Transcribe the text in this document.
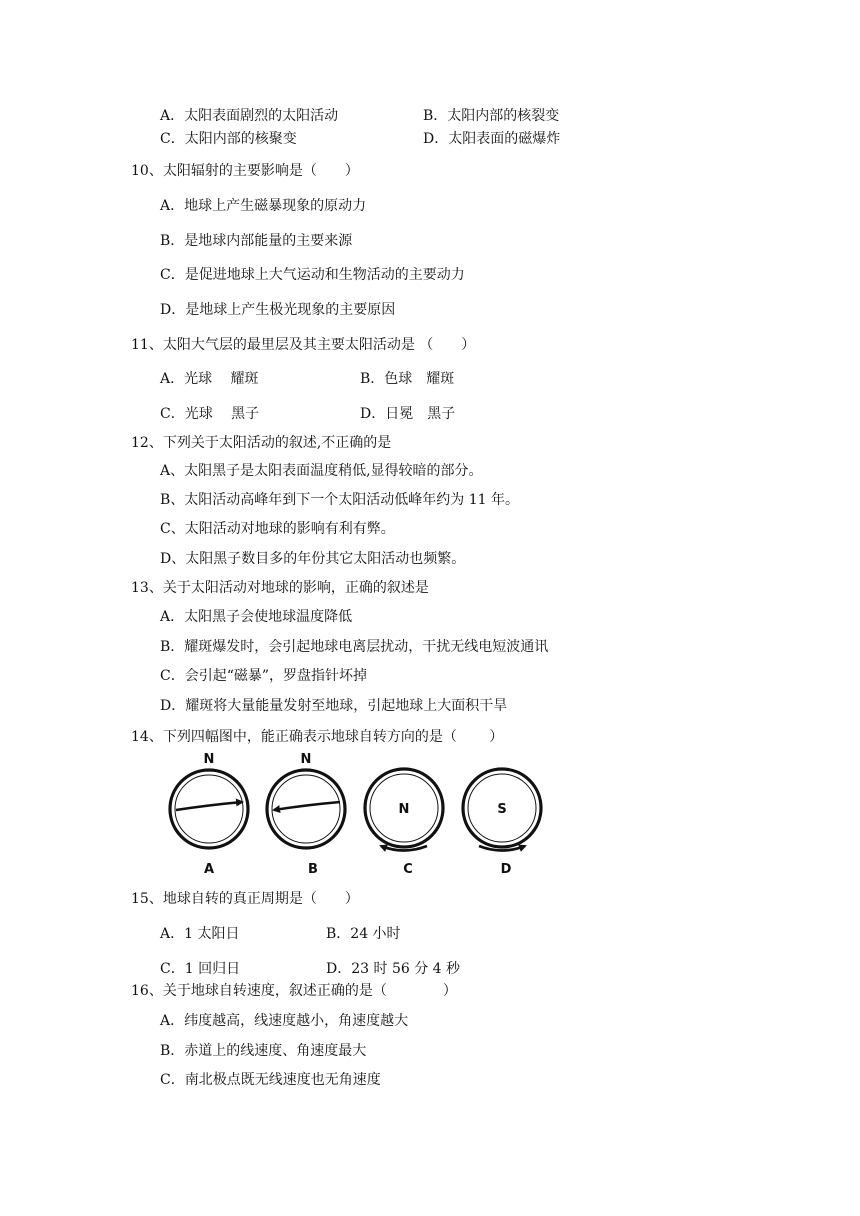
A．太阳表面剧烈的太阳活动	B．太阳内部的核裂变
C．太阳内部的核聚变	D．太阳表面的磁爆炸
10、太阳辐射的主要影响是（　　）
A．地球上产生磁暴现象的原动力
B．是地球内部能量的主要来源
C．是促进地球上大气运动和生物活动的主要动力
D．是地球上产生极光现象的主要原因
11、太阳大气层的最里层及其主要太阳活动是 （　　）
A．光球　 耀斑	B．色球　耀斑
C．光球　 黑子	D．日冕　黑子
12、下列关于太阳活动的叙述,不正确的是
A、太阳黑子是太阳表面温度稍低,显得较暗的部分。
B、太阳活动高峰年到下一个太阳活动低峰年约为 11 年。
C、太阳活动对地球的影响有利有弊。
D、太阳黑子数目多的年份其它太阳活动也频繁。
13、关于太阳活动对地球的影响，正确的叙述是
A．太阳黑子会使地球温度降低
B．耀斑爆发时，会引起地球电离层扰动，干扰无线电短波通讯
C．会引起“磁暴”，罗盘指针坏掉
D．耀斑将大量能量发射至地球，引起地球上大面积干旱
14、下列四幅图中，能正确表示地球自转方向的是（　　 ）
N
A
N
B
N
C
S
D
15、地球自转的真正周期是（　　）
A．1 太阳日	B．24 小时
C．1 回归日	D．23 时 56 分 4 秒
16、关于地球自转速度，叙述正确的是（　　　　）
A．纬度越高，线速度越小，角速度越大
B．赤道上的线速度、角速度最大
C．南北极点既无线速度也无角速度
